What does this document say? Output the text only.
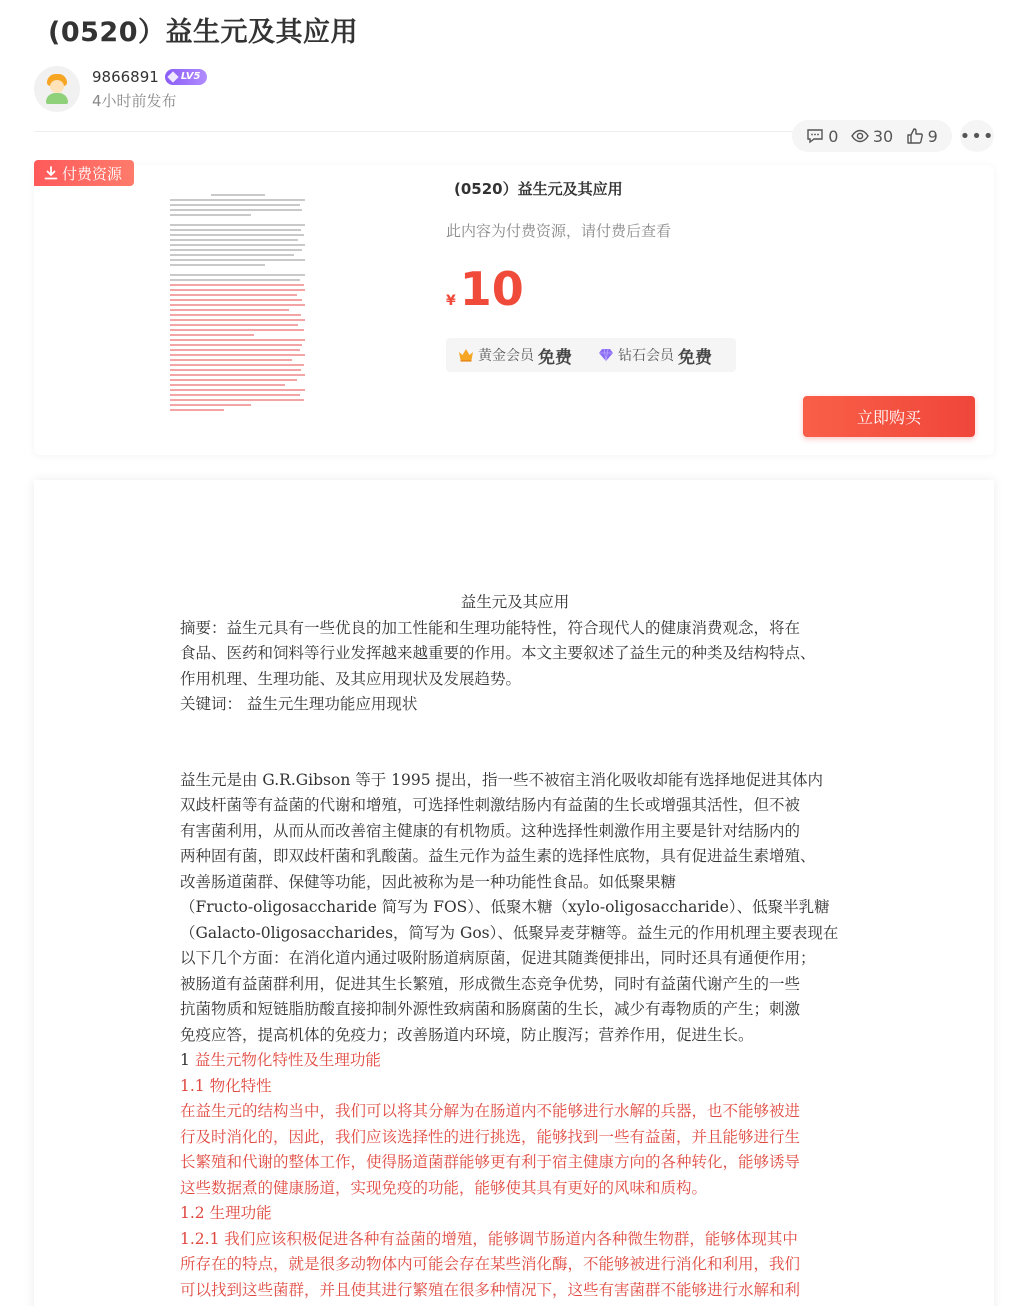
(0520）益生元及其应用
9866891 LV5
4小时前发布
0 30 9 •••
付费资源
(0520）益生元及其应用
此内容为付费资源，请付费后查看
¥ 10
黄金会员 免费	钻石会员 免费
立即购买

益生元及其应用

摘要：益生元具有一些优良的加工性能和生理功能特性，符合现代人的健康消费观念，将在

食品、医药和饲料等行业发挥越来越重要的作用。本文主要叙述了益生元的种类及结构特点、

作用机理、生理功能、及其应用现状及发展趋势。

关键词： 益生元生理功能应用现状

益生元是由 G.R.Gibson 等于 1995 提出，指一些不被宿主消化吸收却能有选择地促进其体内

双歧杆菌等有益菌的代谢和增殖，可选择性刺激结肠内有益菌的生长或增强其活性，但不被

有害菌利用，从而从而改善宿主健康的有机物质。这种选择性刺激作用主要是针对结肠内的

两种固有菌，即双歧杆菌和乳酸菌。益生元作为益生素的选择性底物，具有促进益生素增殖、

改善肠道菌群、保健等功能，因此被称为是一种功能性食品。如低聚果糖

（Fructo-oligosaccharide 简写为 FOS）、低聚木糖（xylo-oligosaccharide）、低聚半乳糖

（Galacto-0ligosaccharides，简写为 Gos）、低聚异麦芽糖等。益生元的作用机理主要表现在

以下几个方面：在消化道内通过吸附肠道病原菌，促进其随粪便排出，同时还具有通便作用；

被肠道有益菌群利用，促进其生长繁殖，形成微生态竞争优势，同时有益菌代谢产生的一些

抗菌物质和短链脂肪酸直接抑制外源性致病菌和肠腐菌的生长，减少有毒物质的产生；刺激

免疫应答，提高机体的免疫力；改善肠道内环境，防止腹泻；营养作用，促进生长。

1 益生元物化特性及生理功能

1.1 物化特性

在益生元的结构当中，我们可以将其分解为在肠道内不能够进行水解的兵器，也不能够被进

行及时消化的，因此，我们应该选择性的进行挑选，能够找到一些有益菌，并且能够进行生

长繁殖和代谢的整体工作，使得肠道菌群能够更有利于宿主健康方向的各种转化，能够诱导

这些数据煮的健康肠道，实现免疫的功能，能够使其具有更好的风味和质构。

1.2 生理功能

1.2.1 我们应该积极促进各种有益菌的增殖，能够调节肠道内各种微生物群，能够体现其中

所存在的特点，就是很多动物体内可能会存在某些消化酶，不能够被进行消化和利用，我们

可以找到这些菌群，并且使其进行繁殖在很多种情况下，这些有害菌群不能够进行水解和利
